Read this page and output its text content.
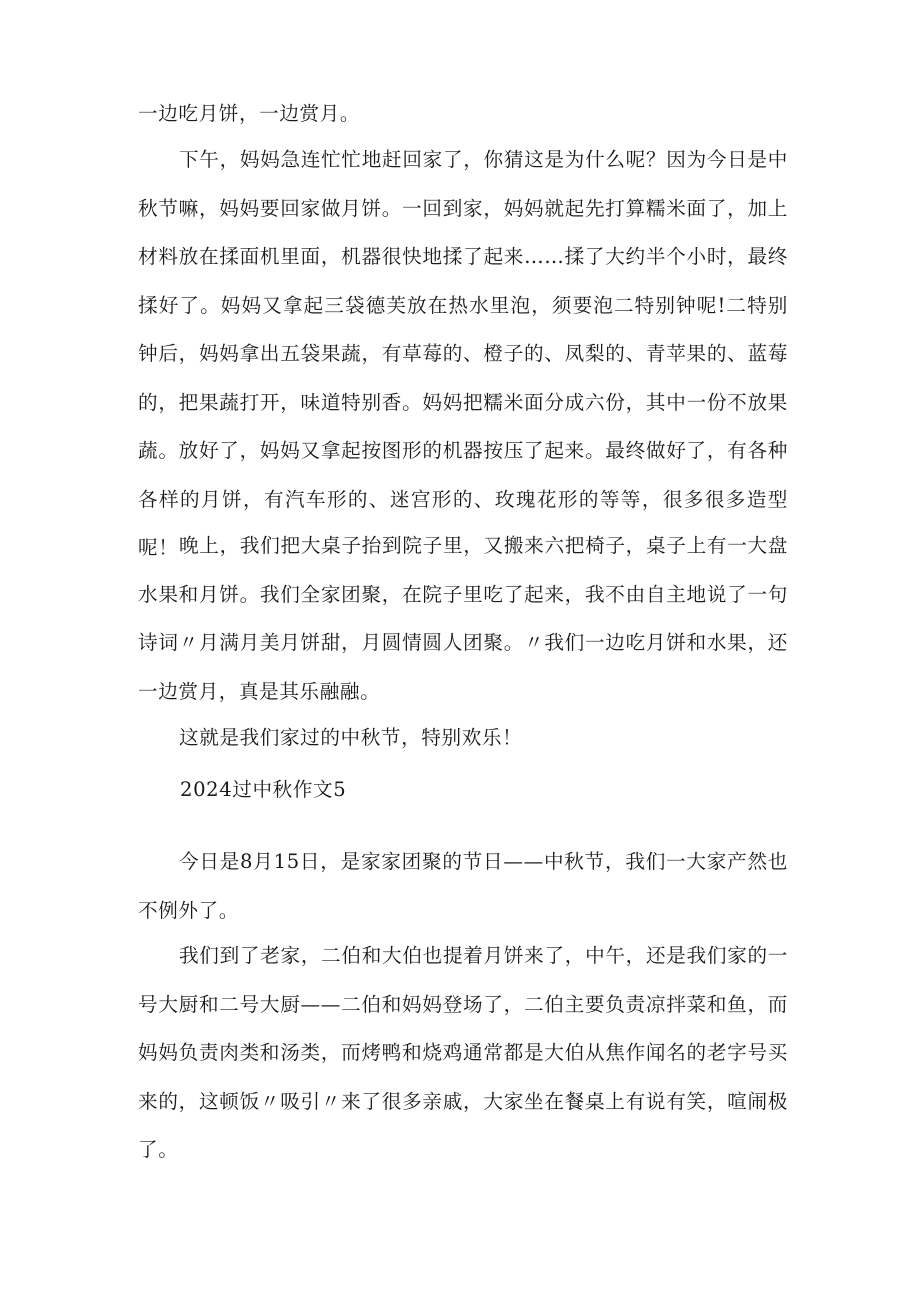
一边吃月饼，一边赏月。

下午，妈妈急连忙忙地赶回家了，你猜这是为什么呢？因为今日是中秋节嘛，妈妈要回家做月饼。一回到家，妈妈就起先打算糯米面了，加上材料放在揉面机里面，机器很快地揉了起来……揉了大约半个小时，最终揉好了。妈妈又拿起三袋德芙放在热水里泡，须要泡二特别钟呢!二特别钟后，妈妈拿出五袋果蔬，有草莓的、橙子的、凤梨的、青苹果的、蓝莓的，把果蔬打开，味道特别香。妈妈把糯米面分成六份，其中一份不放果蔬。放好了，妈妈又拿起按图形的机器按压了起来。最终做好了，有各种各样的月饼，有汽车形的、迷宫形的、玫瑰花形的等等，很多很多造型呢！ 晚上，我们把大桌子抬到院子里，又搬来六把椅子，桌子上有一大盘水果和月饼。我们全家团聚，在院子里吃了起来，我不由自主地说了一句诗词〃月满月美月饼甜，月圆情圆人团聚。〃我们一边吃月饼和水果，还一边赏月，真是其乐融融。

这就是我们家过的中秋节，特别欢乐！

2024过中秋作文5

今日是8月15日，是家家团聚的节日——中秋节，我们一大家产然也不例外了。

我们到了老家，二伯和大伯也提着月饼来了，中午，还是我们家的一号大厨和二号大厨——二伯和妈妈登场了，二伯主要负责凉拌菜和鱼，而妈妈负责肉类和汤类，而烤鸭和烧鸡通常都是大伯从焦作闻名的老字号买来的，这顿饭〃吸引〃来了很多亲戚，大家坐在餐桌上有说有笑，喧闹极了。
